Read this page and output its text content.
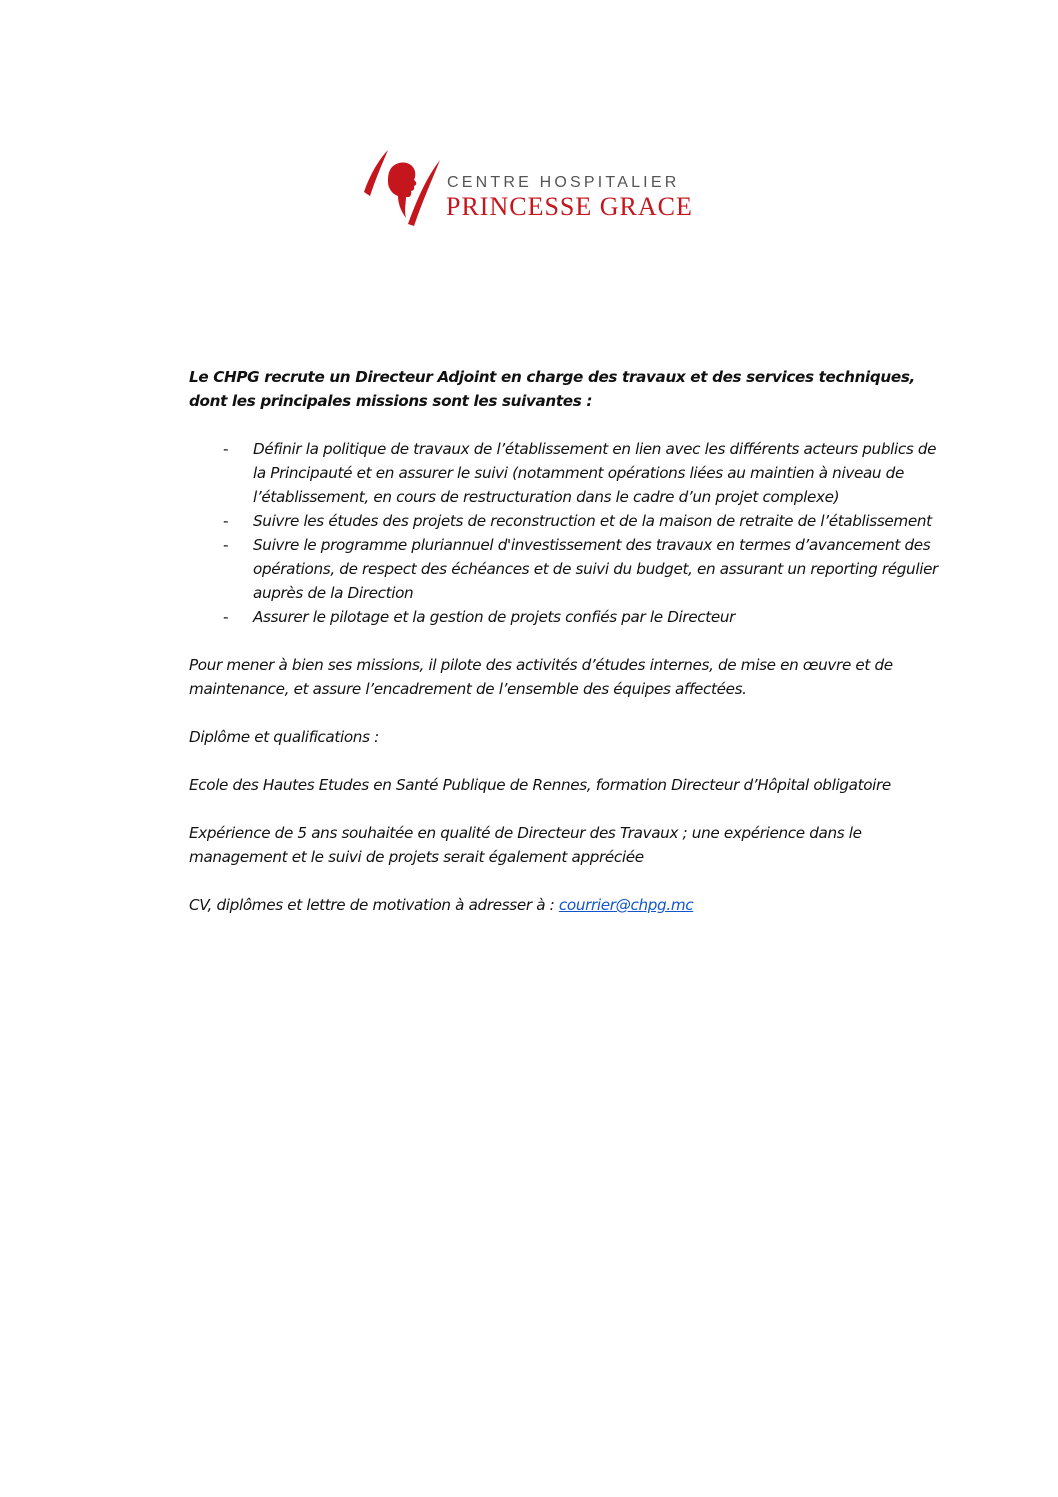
CENTRE HOSPITALIER
PRINCESSE GRACE

Le CHPG recrute un Directeur Adjoint en charge des travaux et des services techniques, dont les principales missions sont les suivantes :

- Définir la politique de travaux de l’établissement en lien avec les différents acteurs publics de la Principauté et en assurer le suivi (notamment opérations liées au maintien à niveau de l’établissement, en cours de restructuration dans le cadre d’un projet complexe)
- Suivre les études des projets de reconstruction et de la maison de retraite de l’établissement
- Suivre le programme pluriannuel d'investissement des travaux en termes d’avancement des opérations, de respect des échéances et de suivi du budget, en assurant un reporting régulier auprès de la Direction
- Assurer le pilotage et la gestion de projets confiés par le Directeur

Pour mener à bien ses missions, il pilote des activités d’études internes, de mise en œuvre et de maintenance, et assure l’encadrement de l’ensemble des équipes affectées.

Diplôme et qualifications :

Ecole des Hautes Etudes en Santé Publique de Rennes, formation Directeur d’Hôpital obligatoire

Expérience de 5 ans souhaitée en qualité de Directeur des Travaux ; une expérience dans le management et le suivi de projets serait également appréciée

CV, diplômes et lettre de motivation à adresser à : courrier@chpg.mc
